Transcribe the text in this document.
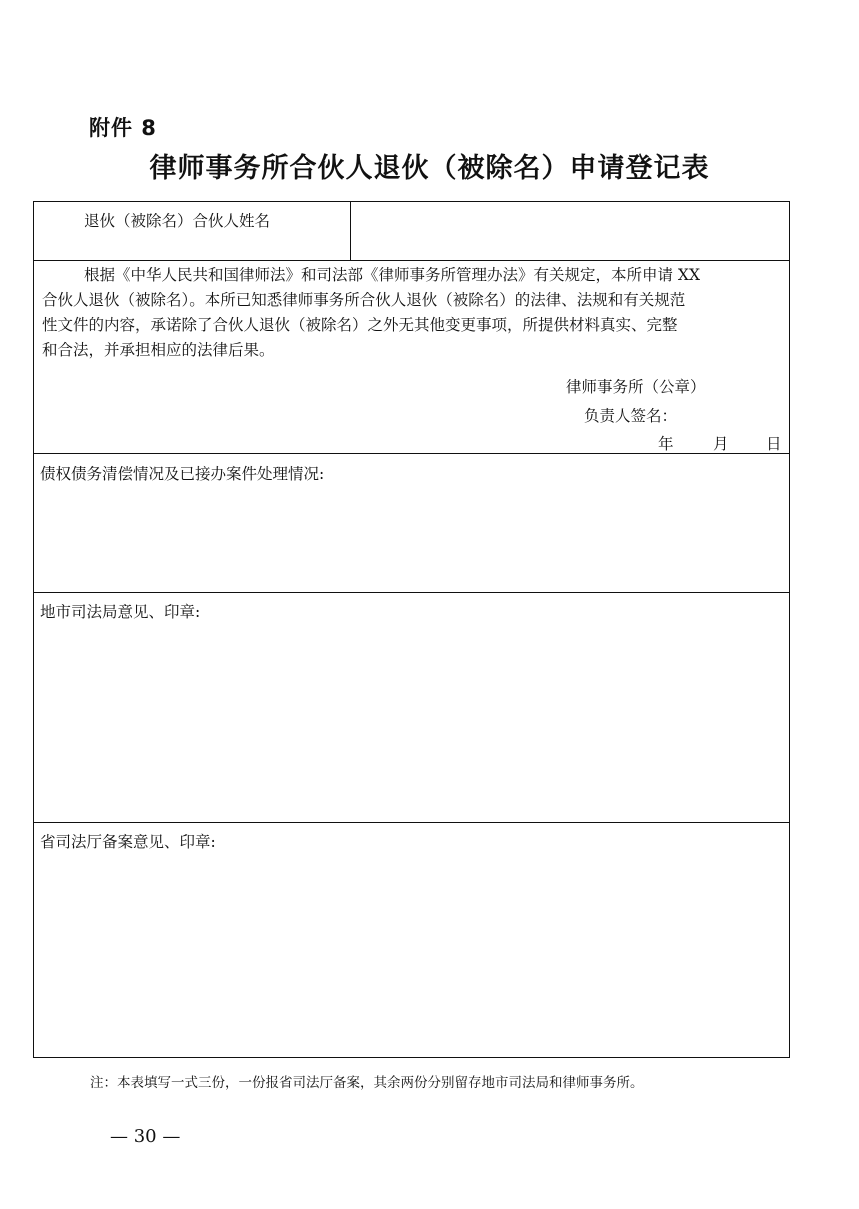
附件 8
律师事务所合伙人退伙（被除名）申请登记表
退伙（被除名）合伙人姓名
根据《中华人民共和国律师法》和司法部《律师事务所管理办法》有关规定，本所申请 XX
合伙人退伙（被除名）。本所已知悉律师事务所合伙人退伙（被除名）的法律、法规和有关规范
性文件的内容，承诺除了合伙人退伙（被除名）之外无其他变更事项，所提供材料真实、完整
和合法，并承担相应的法律后果。
律师事务所（公章）
负责人签名：
年	月 日
债权债务清偿情况及已接办案件处理情况:
地市司法局意见、印章:
省司法厅备案意见、印章:
注：本表填写一式三份，一份报省司法厅备案，其余两份分别留存地市司法局和律师事务所。
— 30 —
